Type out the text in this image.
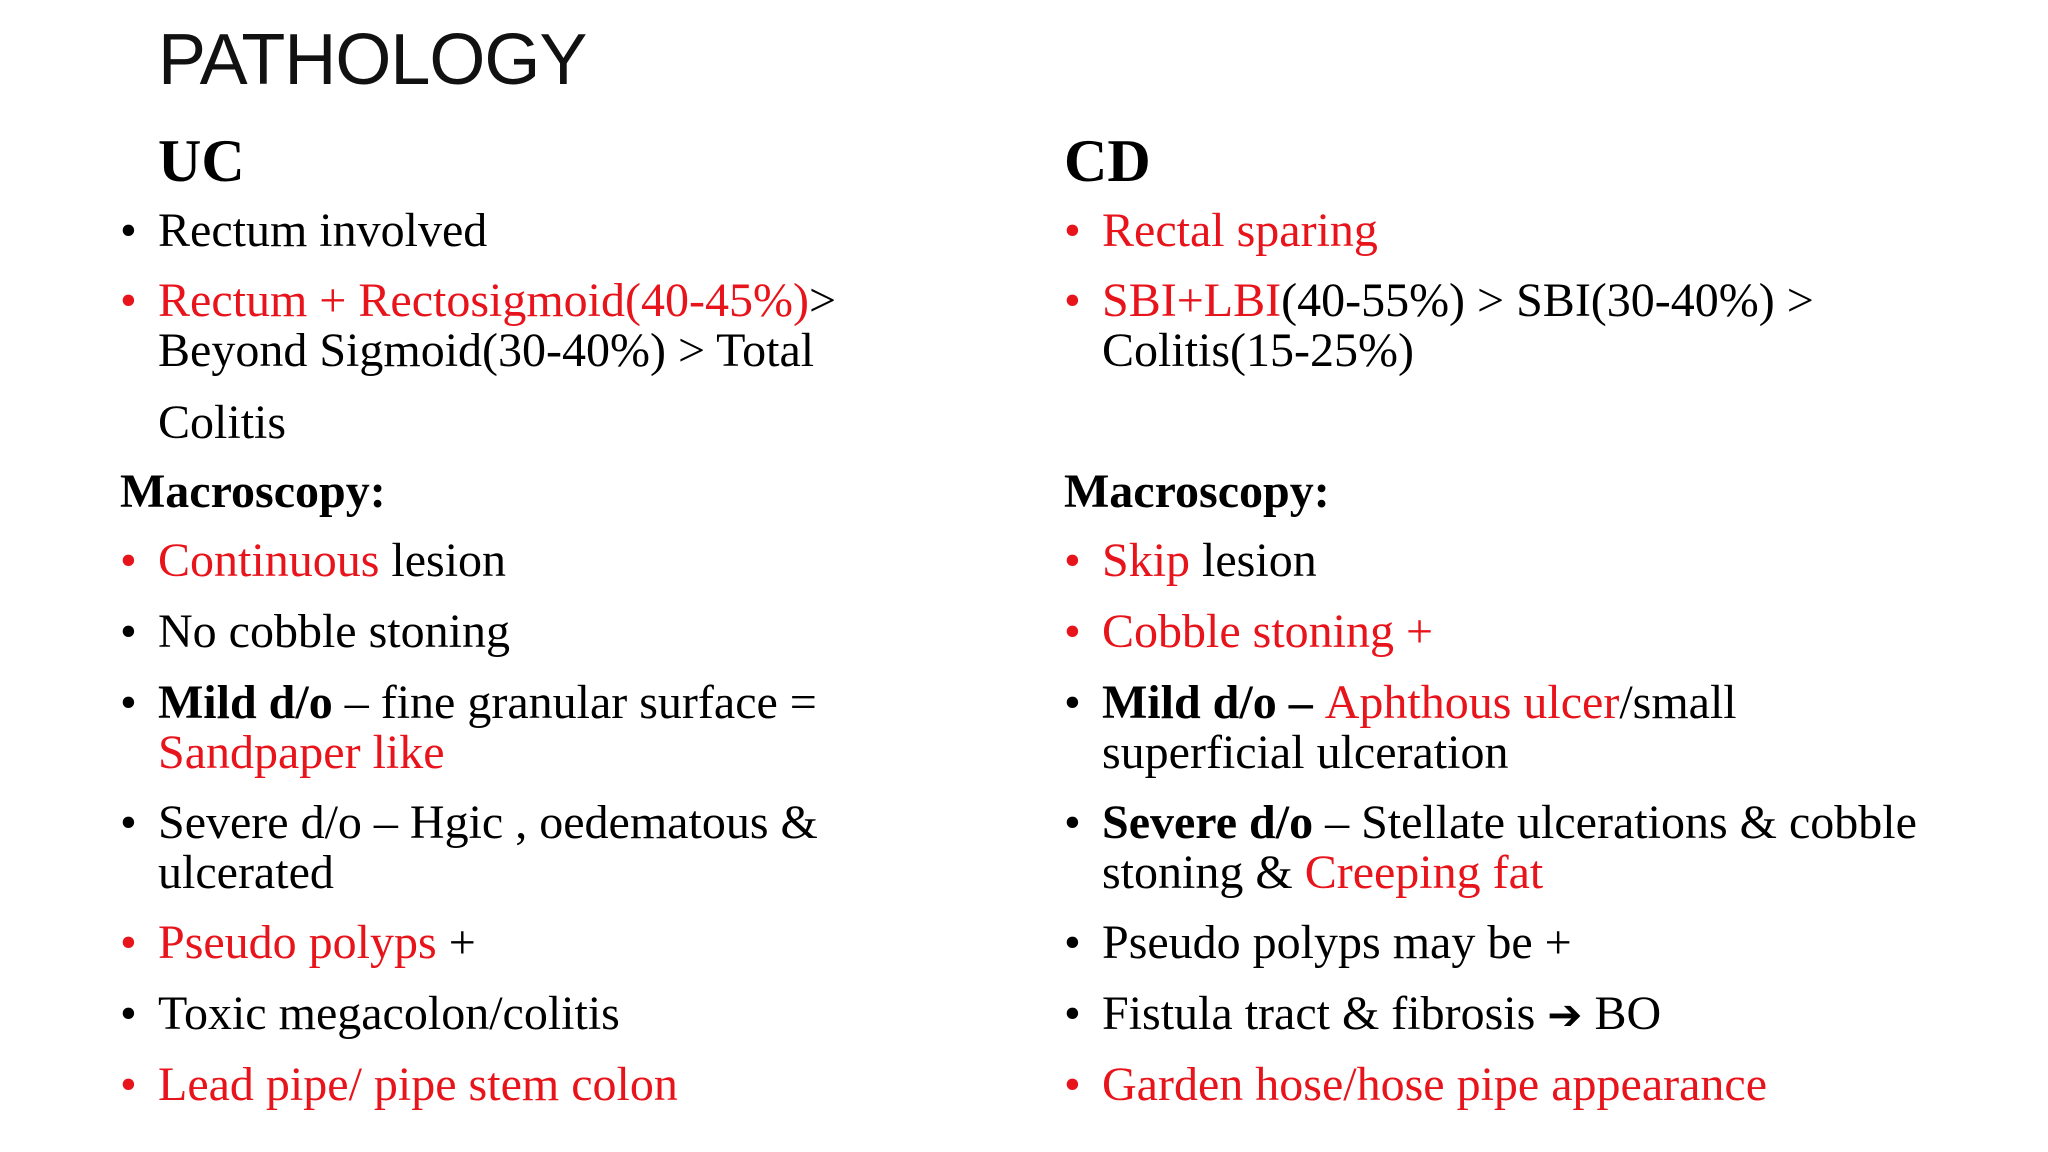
PATHOLOGY
UC
• Rectum involved
• Rectum + Rectosigmoid(40-45%)>
Beyond Sigmoid(30-40%) > Total
Colitis
Macroscopy:
• Continuous lesion
• No cobble stoning
• Mild d/o – fine granular surface =
Sandpaper like
• Severe d/o – Hgic , oedematous &
ulcerated
• Pseudo polyps +
• Toxic megacolon/colitis
• Lead pipe/ pipe stem colon
CD
• Rectal sparing
• SBI+LBI(40-55%) > SBI(30-40%) >
Colitis(15-25%)
Macroscopy:
• Skip lesion
• Cobble stoning +
• Mild d/o – Aphthous ulcer/small
superficial ulceration
• Severe d/o – Stellate ulcerations & cobble
stoning & Creeping fat
• Pseudo polyps may be +
• Fistula tract & fibrosis ➔ BO
• Garden hose/hose pipe appearance
